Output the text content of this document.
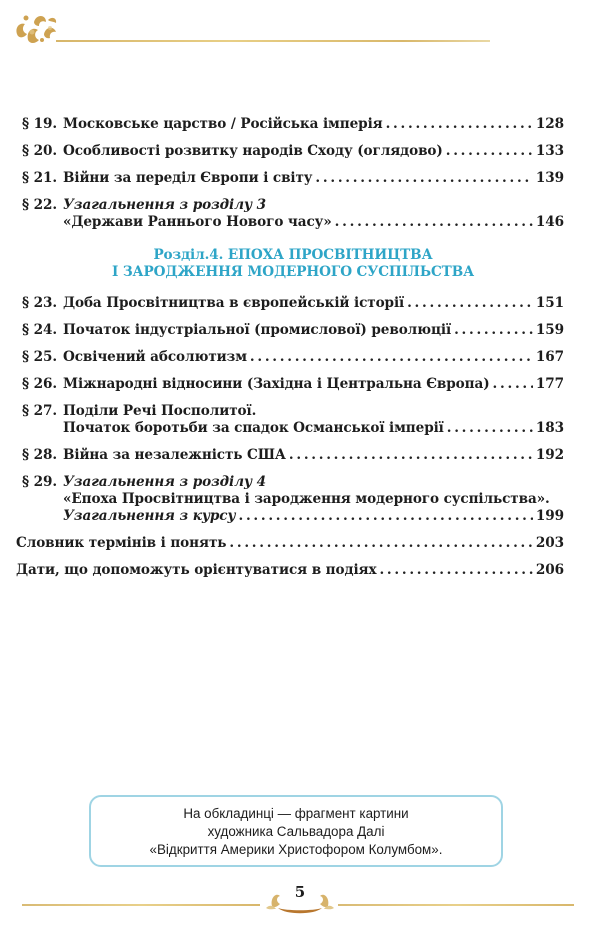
§ 19. Московське царство / Російська імперія . . .	128
§ 20. Особливості розвитку народів Сходу (оглядово) . . .	133
§ 21. Війни за переділ Європи і світу . . .	139
§ 22. Узагальнення з розділу 3
«Держави Раннього Нового часу» . . .	146
Розділ.4. ЕПОХА ПРОСВІТНИЦТВА
І ЗАРОДЖЕННЯ МОДЕРНОГО СУСПІЛЬСТВА
§ 23. Доба Просвітництва в європейській історії . . .	151
§ 24. Початок індустріальної (промислової) революції . . .	159
§ 25. Освічений абсолютизм . . .	167
§ 26. Міжнародні відносини (Західна і Центральна Європа) . . .	177
§ 27. Поділи Речі Посполитої.
Початок боротьби за спадок Османської імперії . . .	183
§ 28. Війна за незалежність США . . .	192
§ 29. Узагальнення з розділу 4
«Епоха Просвітництва і зародження модерного суспільства».
Узагальнення з курсу . . .	199
Словник термінів і понять . . .	203
Дати, що допоможуть орієнтуватися в подіях . . .	206
На обкладинці — фрагмент картини
художника Сальвадора Далі
«Відкриття Америки Христофором Колумбом».
5
